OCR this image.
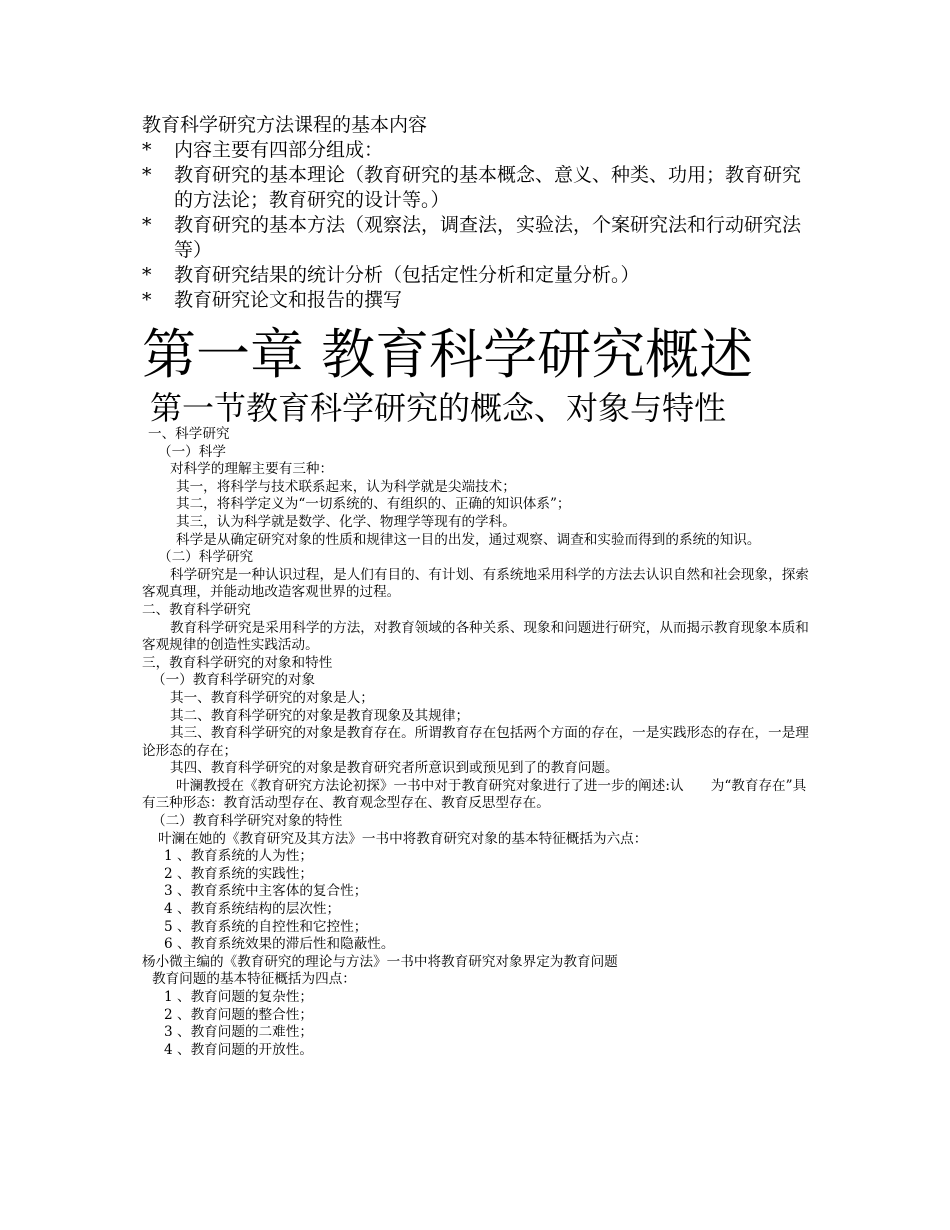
教育科学研究方法课程的基本内容
*	内容主要有四部分组成：
*	教育研究的基本理论（教育研究的基本概念、意义、种类、功用；教育研究的方法论；教育研究的设计等。）
*	教育研究的基本方法（观察法，调查法，实验法，个案研究法和行动研究法等）
*	教育研究结果的统计分析（包括定性分析和定量分析。）
*	教育研究论文和报告的撰写
第一章 教育科学研究概述
第一节教育科学研究的概念、对象与特性
一、科学研究
（一）科学
对科学的理解主要有三种：
其一，将科学与技术联系起来，认为科学就是尖端技术；
其二，将科学定义为“一切系统的、有组织的、正确的知识体系”；
其三，认为科学就是数学、化学、物理学等现有的学科。
科学是从确定研究对象的性质和规律这一目的出发，通过观察、调查和实验而得到的系统的知识。
（二）科学研究
科学研究是一种认识过程，是人们有目的、有计划、有系统地采用科学的方法去认识自然和社会现象，探索客观真理，并能动地改造客观世界的过程。
二、教育科学研究
教育科学研究是采用科学的方法，对教育领域的各种关系、现象和问题进行研究，从而揭示教育现象本质和客观规律的创造性实践活动。
三，教育科学研究的对象和特性
（一）教育科学研究的对象
其一、教育科学研究的对象是人；
其二、教育科学研究的对象是教育现象及其规律；
其三、教育科学研究的对象是教育存在。所谓教育存在包括两个方面的存在，一是实践形态的存在，一是理论形态的存在；
其四、教育科学研究的对象是教育研究者所意识到或预见到了的教育问题。
叶澜教授在《教育研究方法论初探》一书中对于教育研究对象进行了进一步的阐述:认　　为“教育存在”具有三种形态：教育活动型存在、教育观念型存在、教育反思型存在。
（二）教育科学研究对象的特性
叶澜在她的《教育研究及其方法》一书中将教育研究对象的基本特征概括为六点：
1 、教育系统的人为性；
2 、教育系统的实践性；
3 、教育系统中主客体的复合性；
4 、教育系统结构的层次性；
5 、教育系统的自控性和它控性；
6 、教育系统效果的滞后性和隐蔽性。
杨小微主编的《教育研究的理论与方法》一书中将教育研究对象界定为教育问题
教育问题的基本特征概括为四点：
1 、教育问题的复杂性；
2 、教育问题的整合性；
3 、教育问题的二难性；
4 、教育问题的开放性。
